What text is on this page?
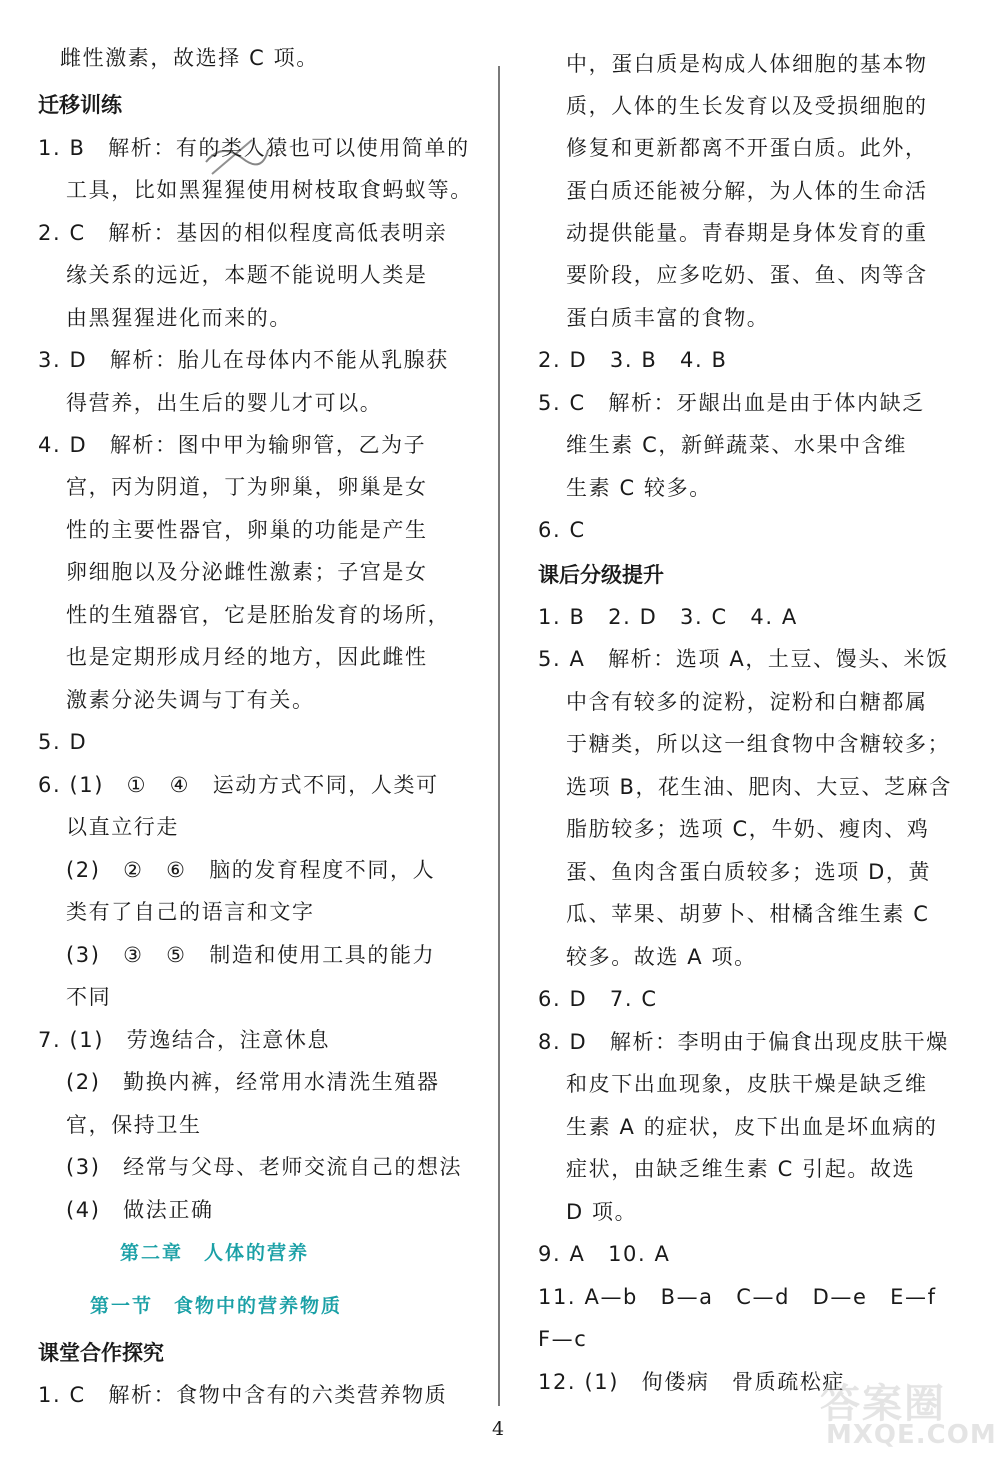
雌性激素，故选择 C 项。
迁移训练
1. B　解析：有的类人猿也可以使用简单的
工具，比如黑猩猩使用树枝取食蚂蚁等。
2. C　解析：基因的相似程度高低表明亲
缘关系的远近，本题不能说明人类是
由黑猩猩进化而来的。
3. D　解析：胎儿在母体内不能从乳腺获
得营养，出生后的婴儿才可以。
4. D　解析：图中甲为输卵管，乙为子
宫，丙为阴道，丁为卵巢，卵巢是女
性的主要性器官，卵巢的功能是产生
卵细胞以及分泌雌性激素；子宫是女
性的生殖器官，它是胚胎发育的场所，
也是定期形成月经的地方，因此雌性
激素分泌失调与丁有关。
5. D
6. (1)　①　④　运动方式不同，人类可
以直立行走
(2)　②　⑥　脑的发育程度不同，人
类有了自己的语言和文字
(3)　③　⑤　制造和使用工具的能力
不同
7. (1)　劳逸结合，注意休息
(2)　勤换内裤，经常用水清洗生殖器
官，保持卫生
(3)　经常与父母、老师交流自己的想法
(4)　做法正确
第二章　人体的营养
第一节　食物中的营养物质
课堂合作探究
1. C　解析：食物中含有的六类营养物质
中，蛋白质是构成人体细胞的基本物
质，人体的生长发育以及受损细胞的
修复和更新都离不开蛋白质。此外，
蛋白质还能被分解，为人体的生命活
动提供能量。青春期是身体发育的重
要阶段，应多吃奶、蛋、鱼、肉等含
蛋白质丰富的食物。
2. D　3. B　4. B
5. C　解析：牙龈出血是由于体内缺乏
维生素 C，新鲜蔬菜、水果中含维
生素 C 较多。
6. C
课后分级提升
1. B　2. D　3. C　4. A
5. A　解析：选项 A，土豆、馒头、米饭
中含有较多的淀粉，淀粉和白糖都属
于糖类，所以这一组食物中含糖较多；
选项 B，花生油、肥肉、大豆、芝麻含
脂肪较多；选项 C，牛奶、瘦肉、鸡
蛋、鱼肉含蛋白质较多；选项 D，黄
瓜、苹果、胡萝卜、柑橘含维生素 C
较多。故选 A 项。
6. D　7. C
8. D　解析：李明由于偏食出现皮肤干燥
和皮下出血现象，皮肤干燥是缺乏维
生素 A 的症状，皮下出血是坏血病的
症状，由缺乏维生素 C 引起。故选
D 项。
9. A　10. A
11. A—b　B—a　C—d　D—e　E—f
F—c
12. (1)　佝偻病　骨质疏松症
4
答案圈
MXQE.COM
